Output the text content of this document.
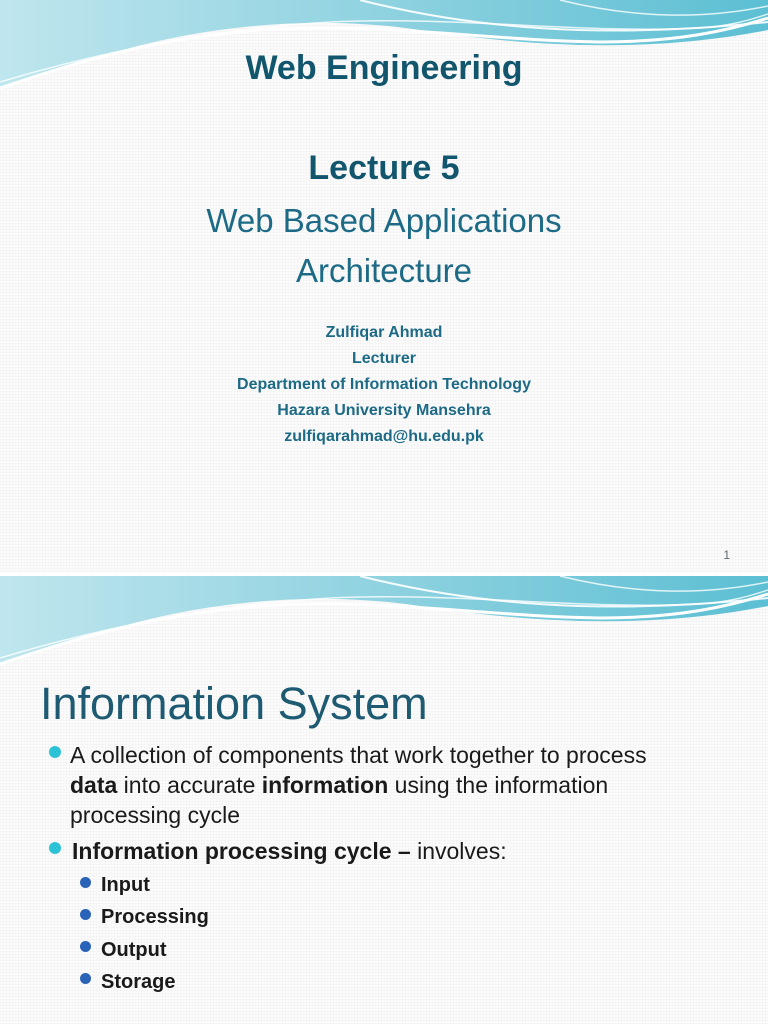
Web Engineering
Lecture 5
Web Based Applications
Architecture
Zulfiqar Ahmad
Lecturer
Department of Information Technology
Hazara University Mansehra
zulfiqarahmad@hu.edu.pk
1
Information System
A collection of components that work together to process
data into accurate information using the information
processing cycle
Information processing cycle – involves:
Input
Processing
Output
Storage
